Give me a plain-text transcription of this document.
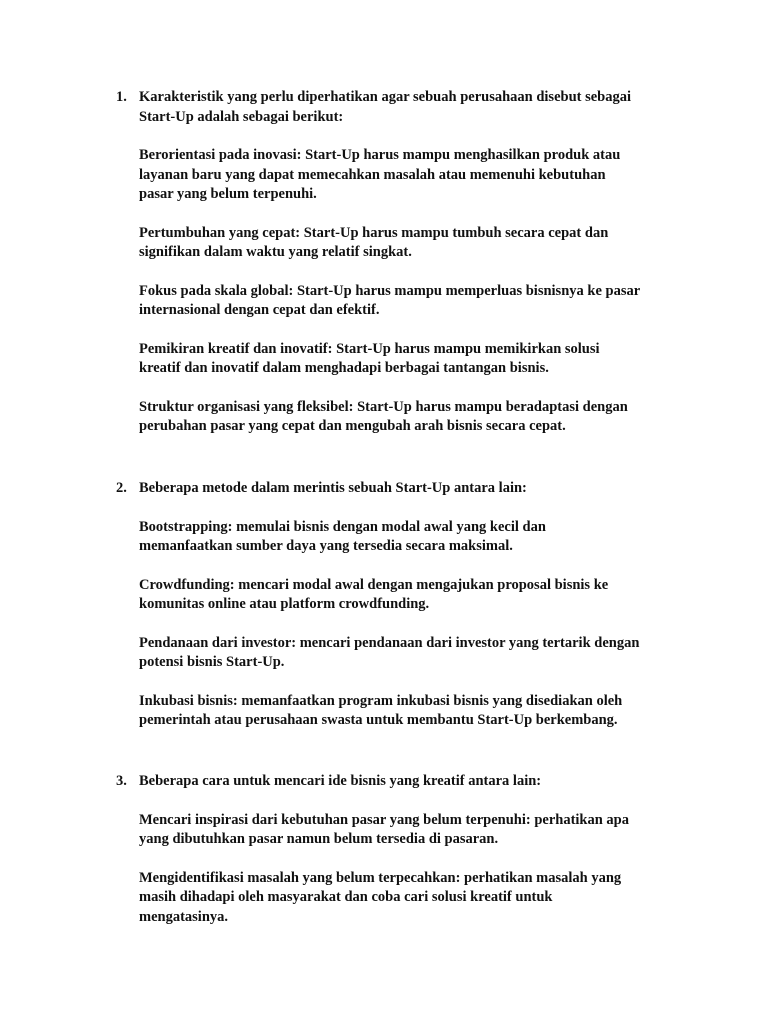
1. Karakteristik yang perlu diperhatikan agar sebuah perusahaan disebut sebagai
Start-Up adalah sebagai berikut:

Berorientasi pada inovasi: Start-Up harus mampu menghasilkan produk atau
layanan baru yang dapat memecahkan masalah atau memenuhi kebutuhan
pasar yang belum terpenuhi.

Pertumbuhan yang cepat: Start-Up harus mampu tumbuh secara cepat dan
signifikan dalam waktu yang relatif singkat.

Fokus pada skala global: Start-Up harus mampu memperluas bisnisnya ke pasar
internasional dengan cepat dan efektif.

Pemikiran kreatif dan inovatif: Start-Up harus mampu memikirkan solusi
kreatif dan inovatif dalam menghadapi berbagai tantangan bisnis.

Struktur organisasi yang fleksibel: Start-Up harus mampu beradaptasi dengan
perubahan pasar yang cepat dan mengubah arah bisnis secara cepat.

2. Beberapa metode dalam merintis sebuah Start-Up antara lain:

Bootstrapping: memulai bisnis dengan modal awal yang kecil dan
memanfaatkan sumber daya yang tersedia secara maksimal.

Crowdfunding: mencari modal awal dengan mengajukan proposal bisnis ke
komunitas online atau platform crowdfunding.

Pendanaan dari investor: mencari pendanaan dari investor yang tertarik dengan
potensi bisnis Start-Up.

Inkubasi bisnis: memanfaatkan program inkubasi bisnis yang disediakan oleh
pemerintah atau perusahaan swasta untuk membantu Start-Up berkembang.

3. Beberapa cara untuk mencari ide bisnis yang kreatif antara lain:

Mencari inspirasi dari kebutuhan pasar yang belum terpenuhi: perhatikan apa
yang dibutuhkan pasar namun belum tersedia di pasaran.

Mengidentifikasi masalah yang belum terpecahkan: perhatikan masalah yang
masih dihadapi oleh masyarakat dan coba cari solusi kreatif untuk
mengatasinya.
